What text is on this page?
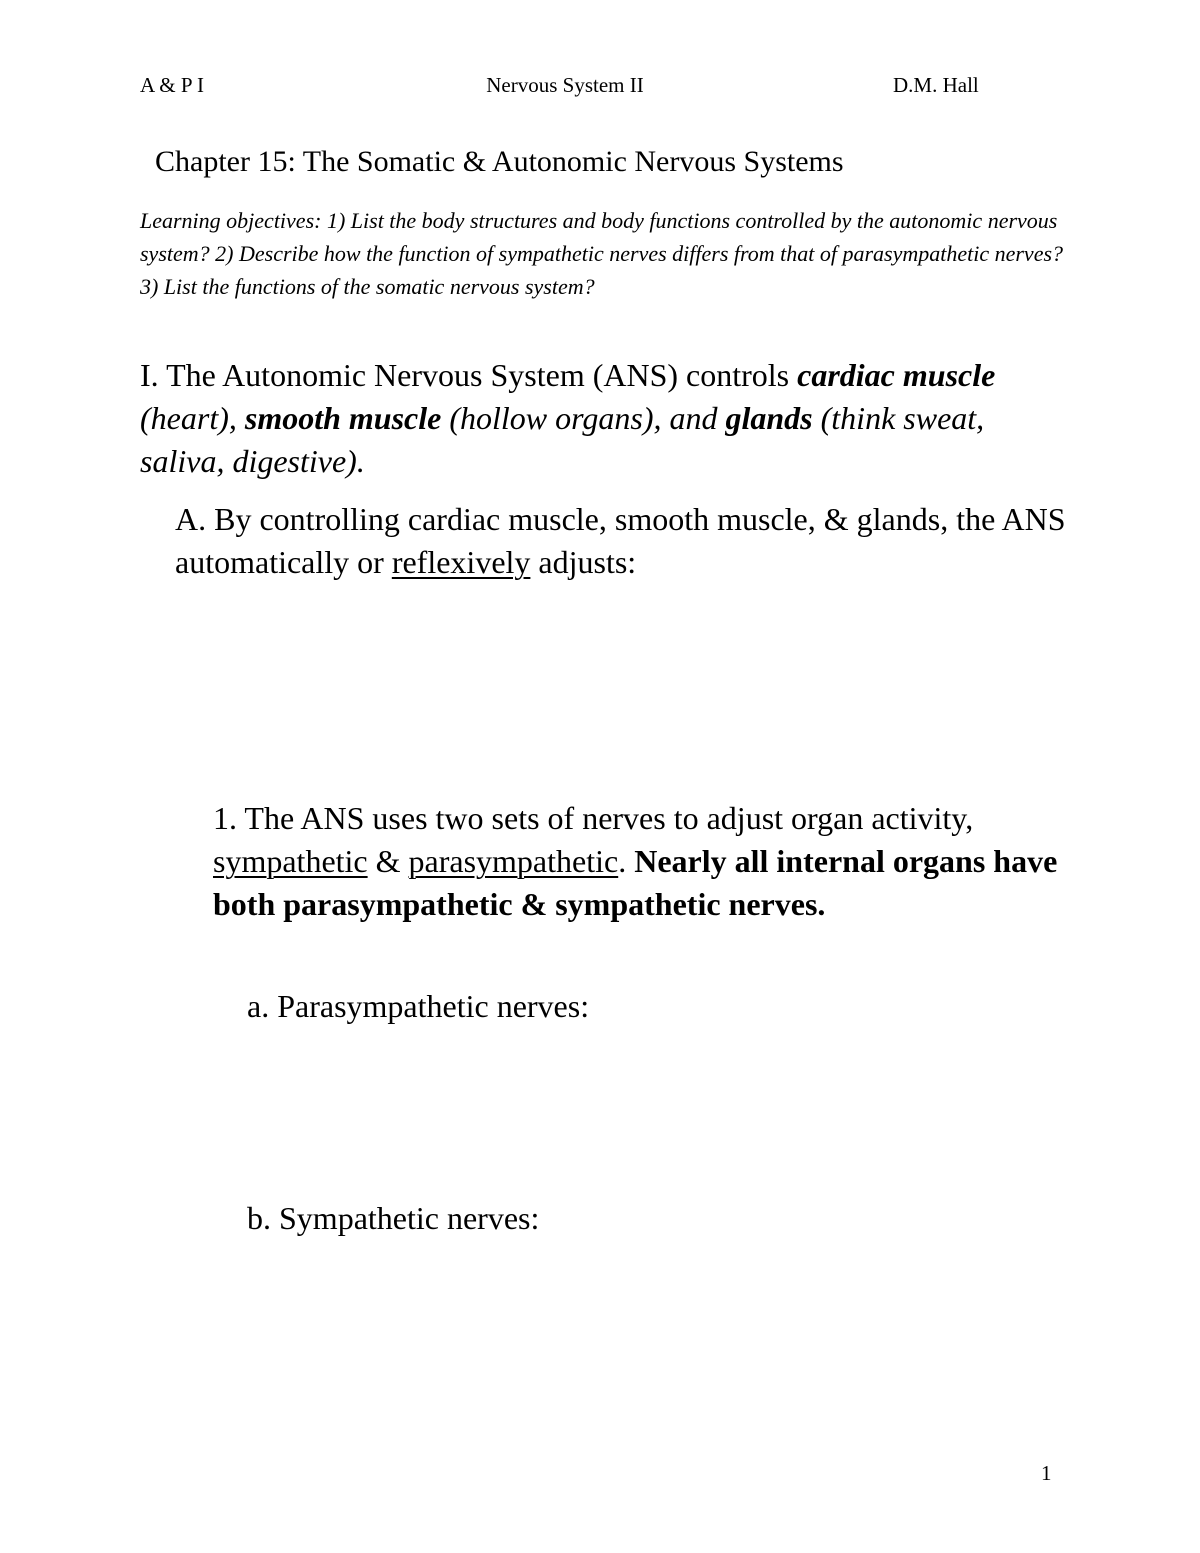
A & P I	Nervous System II	D.M. Hall
Chapter 15: The Somatic & Autonomic Nervous Systems
Learning objectives: 1) List the body structures and body functions controlled by the autonomic nervous system? 2) Describe how the function of sympathetic nerves differs from that of parasympathetic nerves? 3) List the functions of the somatic nervous system?
I. The Autonomic Nervous System (ANS) controls cardiac muscle (heart), smooth muscle (hollow organs), and glands (think sweat, saliva, digestive).
A. By controlling cardiac muscle, smooth muscle, & glands, the ANS automatically or reflexively adjusts:
1. The ANS uses two sets of nerves to adjust organ activity, sympathetic & parasympathetic. Nearly all internal organs have both parasympathetic & sympathetic nerves.
a. Parasympathetic nerves:
b. Sympathetic nerves:
1
